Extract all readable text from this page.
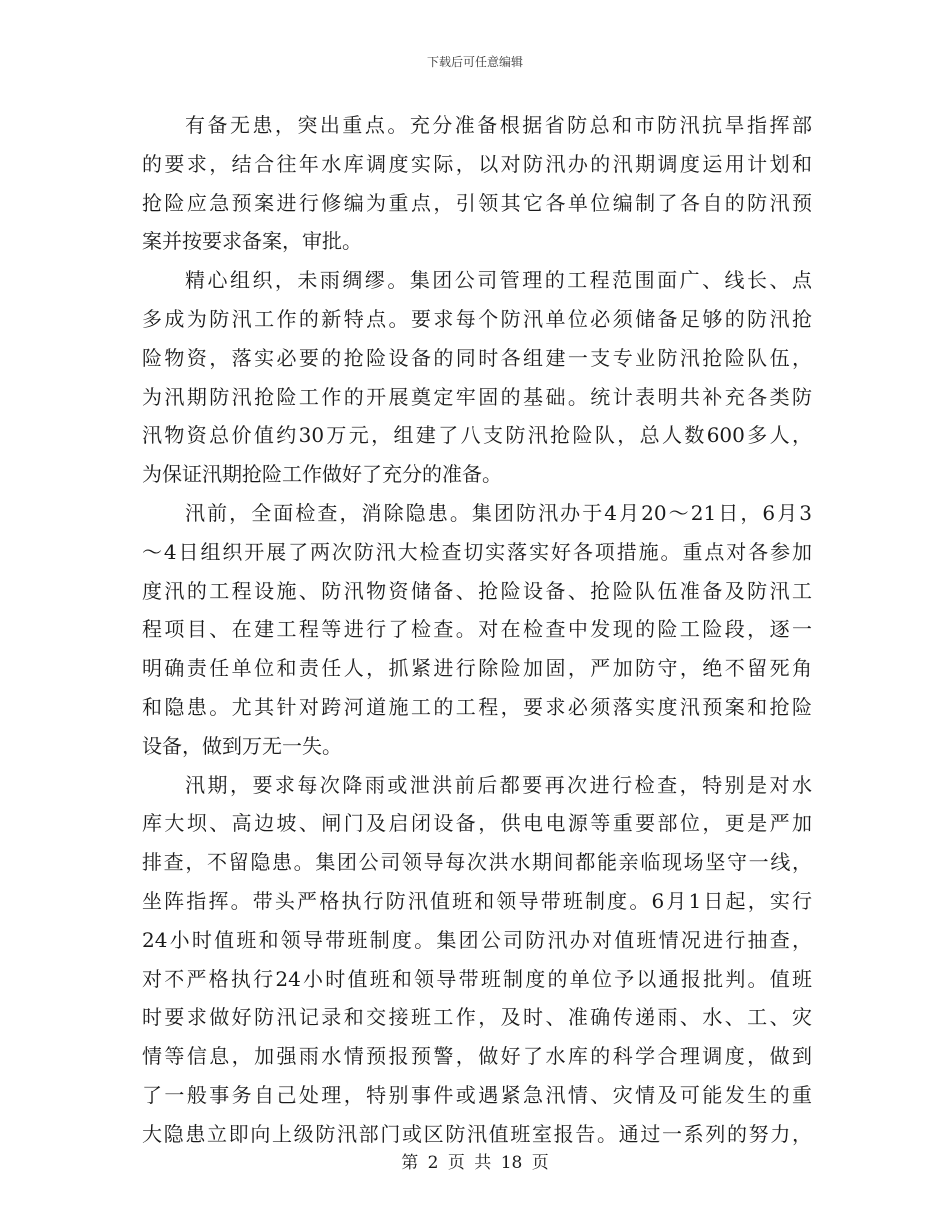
下载后可任意编辑
有备无患，突出重点。充分准备根据省防总和市防汛抗旱指挥部
的要求，结合往年水库调度实际，以对防汛办的汛期调度运用计划和
抢险应急预案进行修编为重点，引领其它各单位编制了各自的防汛预
案并按要求备案，审批。
精心组织，未雨绸缪。集团公司管理的工程范围面广、线长、点
多成为防汛工作的新特点。要求每个防汛单位必须储备足够的防汛抢
险物资，落实必要的抢险设备的同时各组建一支专业防汛抢险队伍，
为汛期防汛抢险工作的开展奠定牢固的基础。统计表明共补充各类防
汛物资总价值约30万元，组建了八支防汛抢险队，总人数600多人，
为保证汛期抢险工作做好了充分的准备。
汛前，全面检查，消除隐患。集团防汛办于4月20～21日，6月3
～4日组织开展了两次防汛大检查切实落实好各项措施。重点对各参加
度汛的工程设施、防汛物资储备、抢险设备、抢险队伍准备及防汛工
程项目、在建工程等进行了检查。对在检查中发现的险工险段，逐一
明确责任单位和责任人，抓紧进行除险加固，严加防守，绝不留死角
和隐患。尤其针对跨河道施工的工程，要求必须落实度汛预案和抢险
设备，做到万无一失。
汛期，要求每次降雨或泄洪前后都要再次进行检查，特别是对水
库大坝、高边坡、闸门及启闭设备，供电电源等重要部位，更是严加
排查，不留隐患。集团公司领导每次洪水期间都能亲临现场坚守一线，
坐阵指挥。带头严格执行防汛值班和领导带班制度。6月1日起，实行
24小时值班和领导带班制度。集团公司防汛办对值班情况进行抽查，
对不严格执行24小时值班和领导带班制度的单位予以通报批判。值班
时要求做好防汛记录和交接班工作，及时、准确传递雨、水、工、灾
情等信息，加强雨水情预报预警，做好了水库的科学合理调度，做到
了一般事务自己处理，特别事件或遇紧急汛情、灾情及可能发生的重
大隐患立即向上级防汛部门或区防汛值班室报告。通过一系列的努力，
第 2 页 共 18 页
